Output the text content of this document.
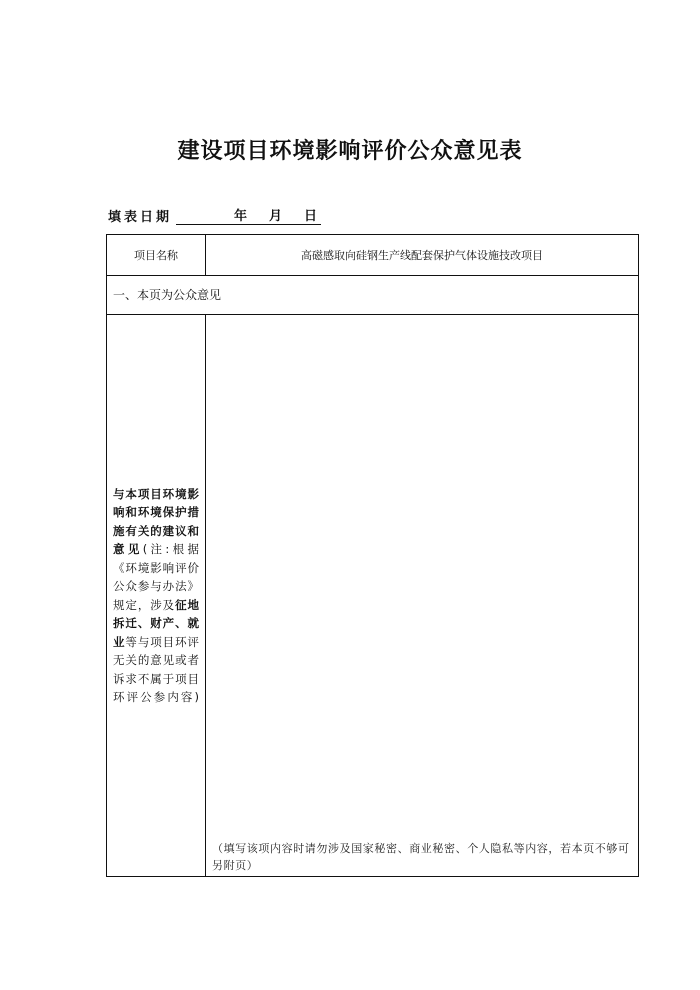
建设项目环境影响评价公众意见表
填表日期	年 月 日
项目名称	高磁感取向硅钢生产线配套保护气体设施技改项目
一、本页为公众意见
与本项目环境影响和环境保护措施有关的建议和意见(注:根据《环境影响评价公众参与办法》规定，涉及征地拆迁、财产、就业等与项目环评无关的意见或者诉求不属于项目环评公参内容)
（填写该项内容时请勿涉及国家秘密、商业秘密、个人隐私等内容，若本页不够可另附页）
